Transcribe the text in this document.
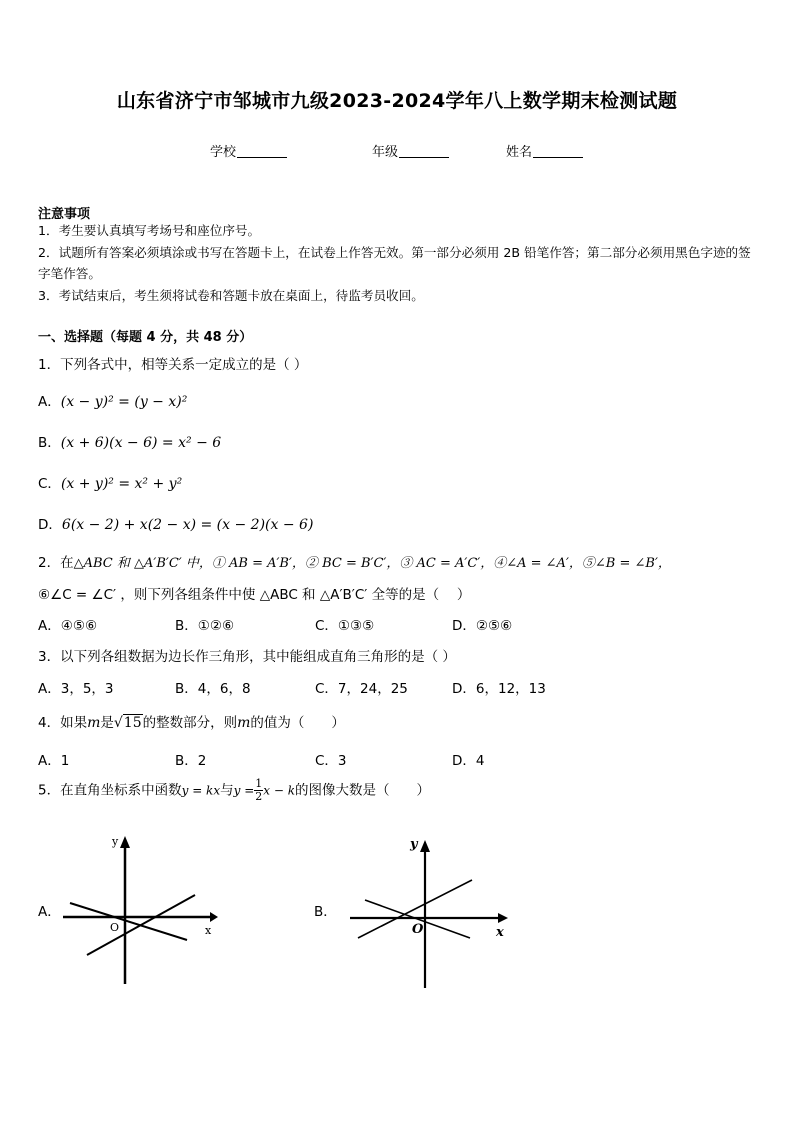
山东省济宁市邹城市九级2023-2024学年八上数学期末检测试题
学校	年级	姓名
注意事项
1．考生要认真填写考场号和座位序号。
2．试题所有答案必须填涂或书写在答题卡上，在试卷上作答无效。第一部分必须用 2B 铅笔作答；第二部分必须用黑色字迹的签字笔作答。
3．考试结束后，考生须将试卷和答题卡放在桌面上，待监考员收回。
一、选择题（每题 4 分，共 48 分）
1．下列各式中，相等关系一定成立的是（ ）
A．(x − y)² = (y − x)²
B．(x + 6)(x − 6) = x² − 6
C．(x + y)² = x² + y²
D．6(x − 2) + x(2 − x) = (x − 2)(x − 6)
2．在△ABC 和 △A′B′C′ 中，① AB = A′B′，② BC = B′C′，③ AC = A′C′，④∠A = ∠A′，⑤∠B = ∠B′，
⑥∠C = ∠C′ ，则下列各组条件中使 △ABC 和 △A′B′C′ 全等的是（　 ）
A．④⑤⑥	B．①②⑥	C．①③⑤	D．②⑤⑥
3．以下列各组数据为边长作三角形，其中能组成直角三角形的是（ ）
A．3，5，3	B．4，6，8	C．7，24，25	D．6，12，13
4．如果m是√15的整数部分，则m的值为（　　）
A．1	B．2	C．3	D．4
5．在直角坐标系中函数y = kx与$y = \frac{1}{2}$ x − k的图像大数是（　　）
A．
O
y
x
B．
O
y
x
